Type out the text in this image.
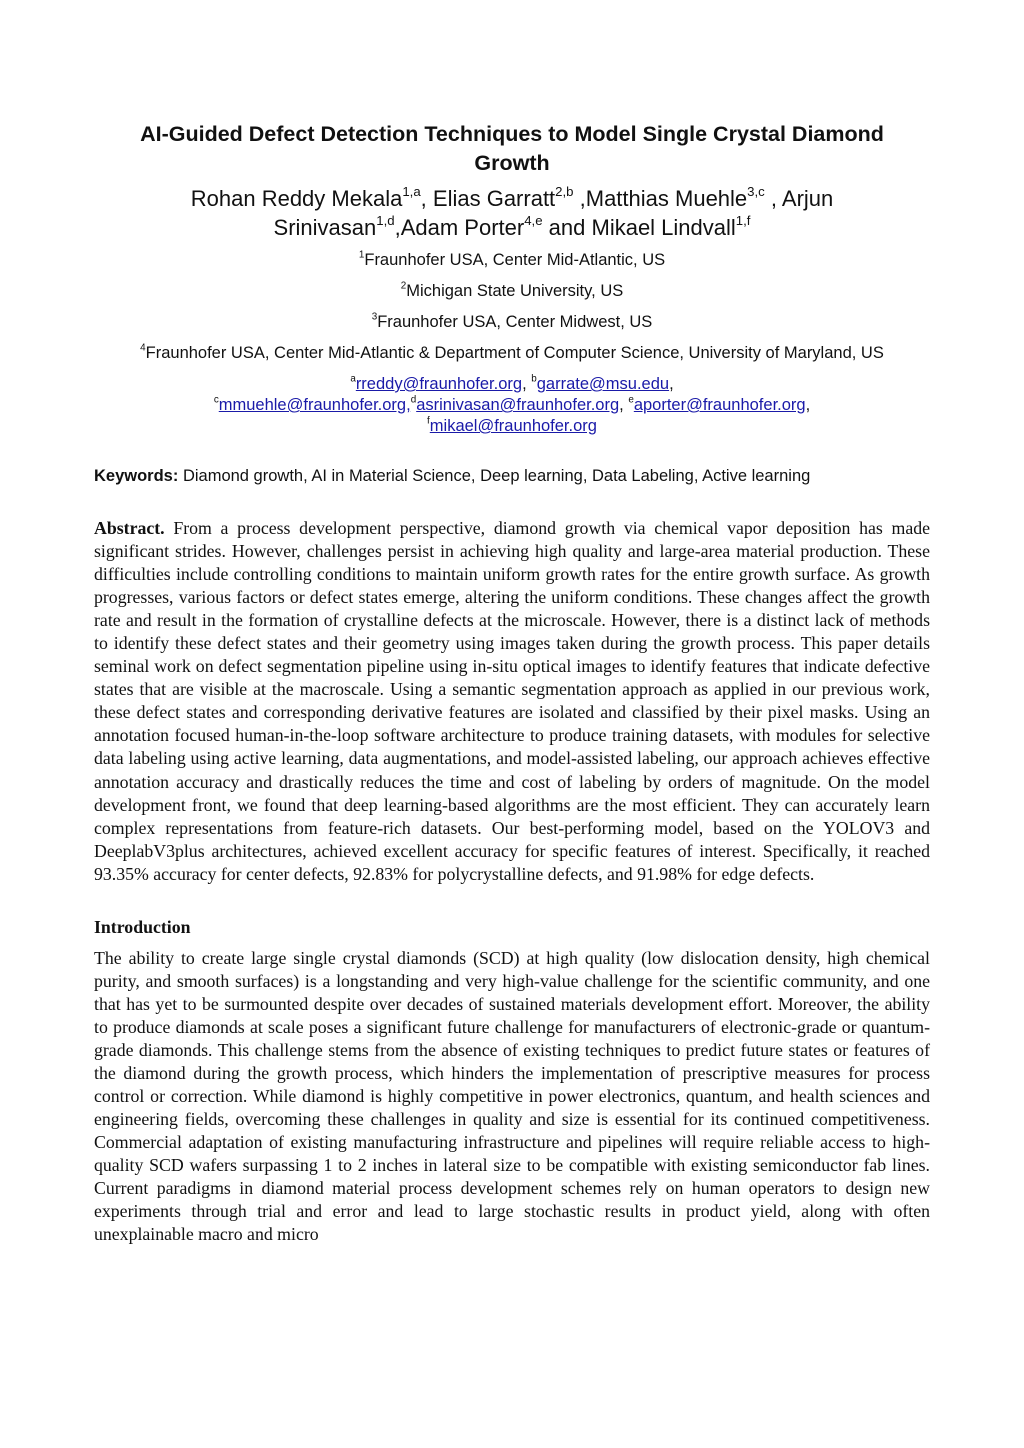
AI-Guided Defect Detection Techniques to Model Single Crystal Diamond Growth
Rohan Reddy Mekala$^{1,a}$, Elias Garratt$^{2,b}$ ,Matthias Muehle$^{3,c}$ , Arjun Srinivasan$^{1,d}$,Adam Porter$^{4,e}$ and Mikael Lindvall$^{1,f}$
$^1$Fraunhofer USA, Center Mid-Atlantic, US
$^2$Michigan State University, US
$^3$Fraunhofer USA, Center Midwest, US
$^4$Fraunhofer USA, Center Mid-Atlantic & Department of Computer Science, University of Maryland, US
$^a$rreddy@fraunhofer.org, $^b$garrate@msu.edu,
$^c$mmuehle@fraunhofer.org,$^d$asrinivasan@fraunhofer.org, $^e$aporter@fraunhofer.org,
$^f$mikael@fraunhofer.org
Keywords: Diamond growth, AI in Material Science, Deep learning, Data Labeling, Active learning
Abstract. From a process development perspective, diamond growth via chemical vapor deposition has made significant strides. However, challenges persist in achieving high quality and large-area material production. These difficulties include controlling conditions to maintain uniform growth rates for the entire growth surface. As growth progresses, various factors or defect states emerge, altering the uniform conditions. These changes affect the growth rate and result in the formation of crystalline defects at the microscale. However, there is a distinct lack of methods to identify these defect states and their geometry using images taken during the growth process. This paper details seminal work on defect segmentation pipeline using in-situ optical images to identify features that indicate defective states that are visible at the macroscale. Using a semantic segmentation approach as applied in our previous work, these defect states and corresponding derivative features are isolated and classified by their pixel masks. Using an annotation focused human-in-the-loop software architecture to produce training datasets, with modules for selective data labeling using active learning, data augmentations, and model-assisted labeling, our approach achieves effective annotation accuracy and drastically reduces the time and cost of labeling by orders of magnitude. On the model development front, we found that deep learning-based algorithms are the most efficient. They can accurately learn complex representations from feature-rich datasets. Our best-performing model, based on the YOLOV3 and DeeplabV3plus architectures, achieved excellent accuracy for specific features of interest. Specifically, it reached 93.35% accuracy for center defects, 92.83% for polycrystalline defects, and 91.98% for edge defects.
Introduction
The ability to create large single crystal diamonds (SCD) at high quality (low dislocation density, high chemical purity, and smooth surfaces) is a longstanding and very high-value challenge for the scientific community, and one that has yet to be surmounted despite over decades of sustained materials development effort. Moreover, the ability to produce diamonds at scale poses a significant future challenge for manufacturers of electronic-grade or quantum-grade diamonds. This challenge stems from the absence of existing techniques to predict future states or features of the diamond during the growth process, which hinders the implementation of prescriptive measures for process control or correction. While diamond is highly competitive in power electronics, quantum, and health sciences and engineering fields, overcoming these challenges in quality and size is essential for its continued competitiveness. Commercial adaptation of existing manufacturing infrastructure and pipelines will require reliable access to high-quality SCD wafers surpassing 1 to 2 inches in lateral size to be compatible with existing semiconductor fab lines. Current paradigms in diamond material process development schemes rely on human operators to design new experiments through trial and error and lead to large stochastic results in product yield, along with often unexplainable macro and micro
